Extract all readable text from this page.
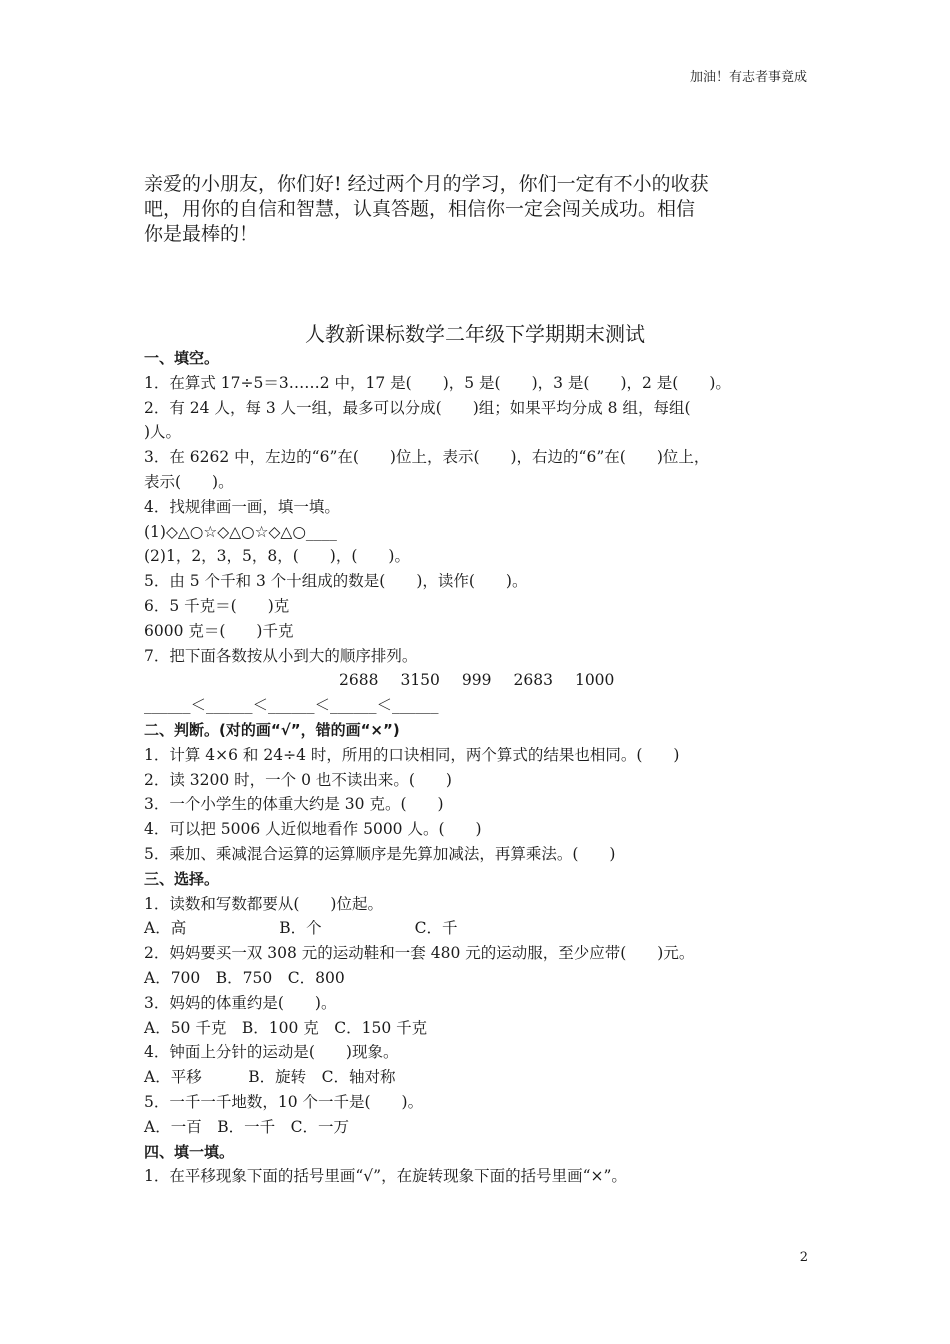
加油！有志者事竟成
亲爱的小朋友，你们好! 经过两个月的学习，你们一定有不小的收获
吧，用你的自信和智慧，认真答题，相信你一定会闯关成功。相信
你是最棒的！
人教新课标数学二年级下学期期末测试
一、填空。
1．在算式 17÷5＝3……2 中，17 是(　　)，5 是(　　)，3 是(　　)，2 是(　　)。
2．有 24 人，每 3 人一组，最多可以分成(　　)组；如果平均分成 8 组，每组(
)人。
3．在 6262 中，左边的“6”在(　　)位上，表示(　　)，右边的“6”在(　　)位上，
表示(　　)。
4．找规律画一画，填一填。
(1)◇△○☆◇△○☆◇△○____
(2)1，2，3，5，8，(　　)，(　　)。
5．由 5 个千和 3 个十组成的数是(　　)，读作(　　)。
6．5 千克＝(　　)克
6000 克＝(　　)千克
7．把下面各数按从小到大的顺序排列。
2688 3150 999 2683 1000
______＜______＜______＜______＜______
二、判断。(对的画“√”，错的画“×”)
1．计算 4×6 和 24÷4 时，所用的口诀相同，两个算式的结果也相同。(　　)
2．读 3200 时，一个 0 也不读出来。(　　)
3．一个小学生的体重大约是 30 克。(　　)
4．可以把 5006 人近似地看作 5000 人。(　　)
5．乘加、乘减混合运算的运算顺序是先算加减法，再算乘法。(　　)
三、选择。
1．读数和写数都要从(　　)位起。
A．高　　　　　　B．个　　　　　　C．千
2．妈妈要买一双 308 元的运动鞋和一套 480 元的运动服，至少应带(　　)元。
A．700　B．750　C．800
3．妈妈的体重约是(　　)。
A．50 千克　B．100 克　C．150 千克
4．钟面上分针的运动是(　　)现象。
A．平移　　　B．旋转　C．轴对称
5．一千一千地数，10 个一千是(　　)。
A．一百　B．一千　C．一万
四、填一填。
1．在平移现象下面的括号里画“√”，在旋转现象下面的括号里画“×”。
2
